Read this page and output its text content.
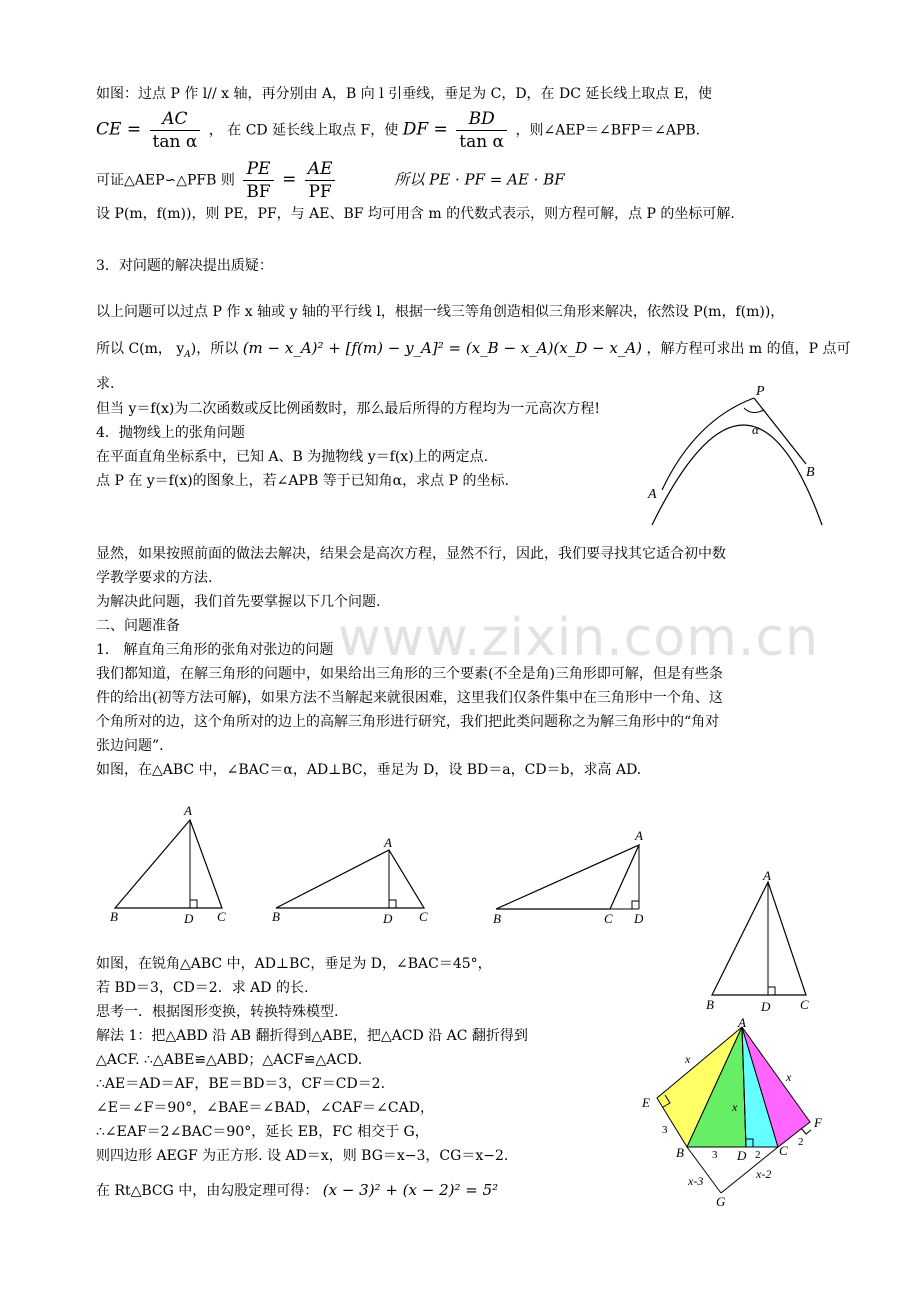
如图：过点 P 作 l// x 轴，再分别由 A，B 向 l 引垂线，垂足为 C，D，在 DC 延长线上取点 E，使
CE = $\frac{AC}{\text{tan α}}$ ， 在 CD 延长线上取点 F，使 DF = $\frac{BD}{\text{tan α}}$ ，则∠AEP＝∠BFP＝∠APB.
可证△AEP∽△PFB 则 $\frac{PE}{BF} = \frac{AE}{PF}$	所以 PE · PF = AE · BF
设 P(m，f(m))，则 PE，PF，与 AE、BF 均可用含 m 的代数式表示，则方程可解，点 P 的坐标可解.
3．对问题的解决提出质疑：
以上问题可以过点 P 作 x 轴或 y 轴的平行线 l，根据一线三等角创造相似三角形来解决，依然设 P(m，f(m))，
所以 C(m， $y_A$)，所以 (m − x_A)² + [f(m) − y_A]² = (x_B − x_A)(x_D − x_A) ，解方程可求出 m 的值，P 点可
求.
但当 y＝f(x)为二次函数或反比例函数时，那么最后所得的方程均为一元高次方程!
4．抛物线上的张角问题
在平面直角坐标系中，已知 A、B 为抛物线 y＝f(x)上的两定点.
点 P 在 y＝f(x)的图象上，若∠APB 等于已知角α，求点 P 的坐标.
P
α
B
A
显然，如果按照前面的做法去解决，结果会是高次方程，显然不行，因此，我们要寻找其它适合初中数
学教学要求的方法.
为解决此问题，我们首先要掌握以下几个问题.
二、问题准备
1． 解直角三角形的张角对张边的问题
我们都知道，在解三角形的问题中，如果给出三角形的三个要素(不全是角)三角形即可解，但是有些条
件的给出(初等方法可解)，如果方法不当解起来就很困难，这里我们仅条件集中在三角形中一个角、这
个角所对的边，这个角所对的边上的高解三角形进行研究，我们把此类问题称之为解三角形中的“角对
张边问题”.
如图，在△ABC 中，∠BAC＝α，AD⊥BC，垂足为 D，设 BD＝a，CD＝b，求高 AD.
www.zixin.com.cn
A
B	D C
A
B	D C
A
B	C D
如图，在锐角△ABC 中，AD⊥BC，垂足为 D，∠BAC＝45°，
若 BD＝3，CD＝2．求 AD 的长.
思考一．根据图形变换，转换特殊模型.
解法 1：把△ABD 沿 AB 翻折得到△ABE，把△ACD 沿 AC 翻折得到
△ACF. ∴△ABE≌△ABD；△ACF≌△ACD.
∴AE＝AD＝AF，BE＝BD＝3，CF＝CD＝2.
∠E＝∠F＝90°，∠BAE＝∠BAD，∠CAF＝∠CAD，
∴∠EAF＝2∠BAC＝90°，延长 EB，FC 相交于 G，
则四边形 AEGF 为正方形. 设 AD＝x，则 BG＝x−3，CG＝x−2.
在 Rt△BCG 中，由勾股定理可得： (x − 3)² + (x − 2)² = 5²
A
B	D C
A
x
x
x
E
F
3
B	3 D 2 C
2
x-2
x-3
G
